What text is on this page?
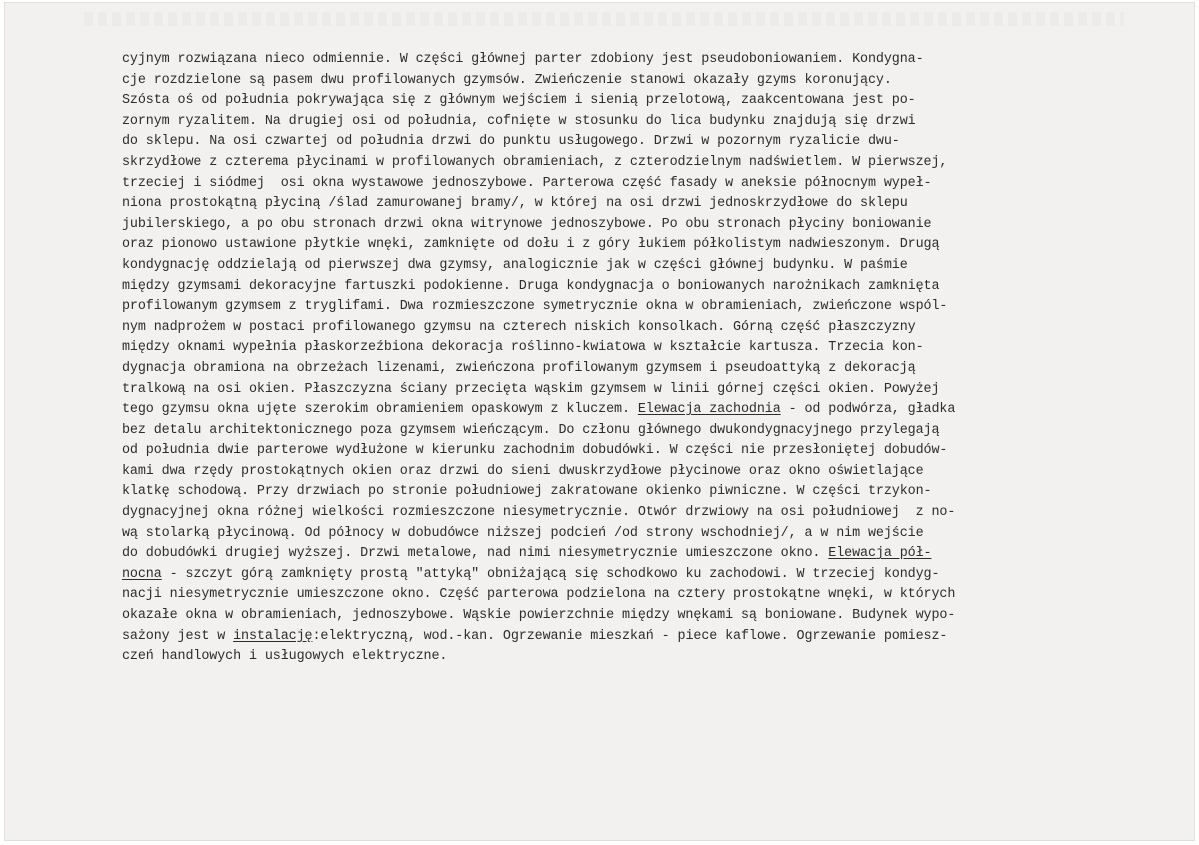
cyjnym rozwiązana nieco odmiennie. W części głównej parter zdobiony jest pseudoboniowaniem. Kondygna-
cje rozdzielone są pasem dwu profilowanych gzymsów. Zwieńczenie stanowi okazały gzyms koronujący.
Szósta oś od południa pokrywająca się z głównym wejściem i sienią przelotową, zaakcentowana jest po-
zornym ryzalitem. Na drugiej osi od południa, cofnięte w stosunku do lica budynku znajdują się drzwi
do sklepu. Na osi czwartej od południa drzwi do punktu usługowego. Drzwi w pozornym ryzalicie dwu-
skrzydłowe z czterema płycinami w profilowanych obramieniach, z czterodzielnym nadświetlem. W pierwszej,
trzeciej i siódmej  osi okna wystawowe jednoszybowe. Parterowa część fasady w aneksie północnym wypeł-
niona prostokątną płyciną /ślad zamurowanej bramy/, w której na osi drzwi jednoskrzydłowe do sklepu
jubilerskiego, a po obu stronach drzwi okna witrynowe jednoszybowe. Po obu stronach płyciny boniowanie
oraz pionowo ustawione płytkie wnęki, zamknięte od dołu i z góry łukiem półkolistym nadwieszonym. Drugą
kondygnację oddzielają od pierwszej dwa gzymsy, analogicznie jak w części głównej budynku. W paśmie
między gzymsami dekoracyjne fartuszki podokienne. Druga kondygnacja o boniowanych narożnikach zamknięta
profilowanym gzymsem z tryglifami. Dwa rozmieszczone symetrycznie okna w obramieniach, zwieńczone wspól-
nym nadprożem w postaci profilowanego gzymsu na czterech niskich konsolkach. Górną część płaszczyzny
między oknami wypełnia płaskorzeźbiona dekoracja roślinno-kwiatowa w kształcie kartusza. Trzecia kon-
dygnacja obramiona na obrzeżach lizenami, zwieńczona profilowanym gzymsem i pseudoattyką z dekoracją
tralkową na osi okien. Płaszczyzna ściany przecięta wąskim gzymsem w linii górnej części okien. Powyżej
tego gzymsu okna ujęte szerokim obramieniem opaskowym z kluczem. Elewacja zachodnia - od podwórza, gładka
bez detalu architektonicznego poza gzymsem wieńczącym. Do członu głównego dwukondygnacyjnego przylegają
od południa dwie parterowe wydłużone w kierunku zachodnim dobudówki. W części nie przesłoniętej dobudów-
kami dwa rzędy prostokątnych okien oraz drzwi do sieni dwuskrzydłowe płycinowe oraz okno oświetlające
klatkę schodową. Przy drzwiach po stronie południowej zakratowane okienko piwniczne. W części trzykon-
dygnacyjnej okna różnej wielkości rozmieszczone niesymetrycznie. Otwór drzwiowy na osi południowej  z no-
wą stolarką płycinową. Od północy w dobudówce niższej podcień /od strony wschodniej/, a w nim wejście
do dobudówki drugiej wyższej. Drzwi metalowe, nad nimi niesymetrycznie umieszczone okno. Elewacja pół-
nocna - szczyt górą zamknięty prostą "attyką" obniżającą się schodkowo ku zachodowi. W trzeciej kondyg-
nacji niesymetrycznie umieszczone okno. Część parterowa podzielona na cztery prostokątne wnęki, w których
okazałe okna w obramieniach, jednoszybowe. Wąskie powierzchnie między wnękami są boniowane. Budynek wypo-
sażony jest w instalację:elektryczną, wod.-kan. Ogrzewanie mieszkań - piece kaflowe. Ogrzewanie pomiesz-
czeń handlowych i usługowych elektryczne.
